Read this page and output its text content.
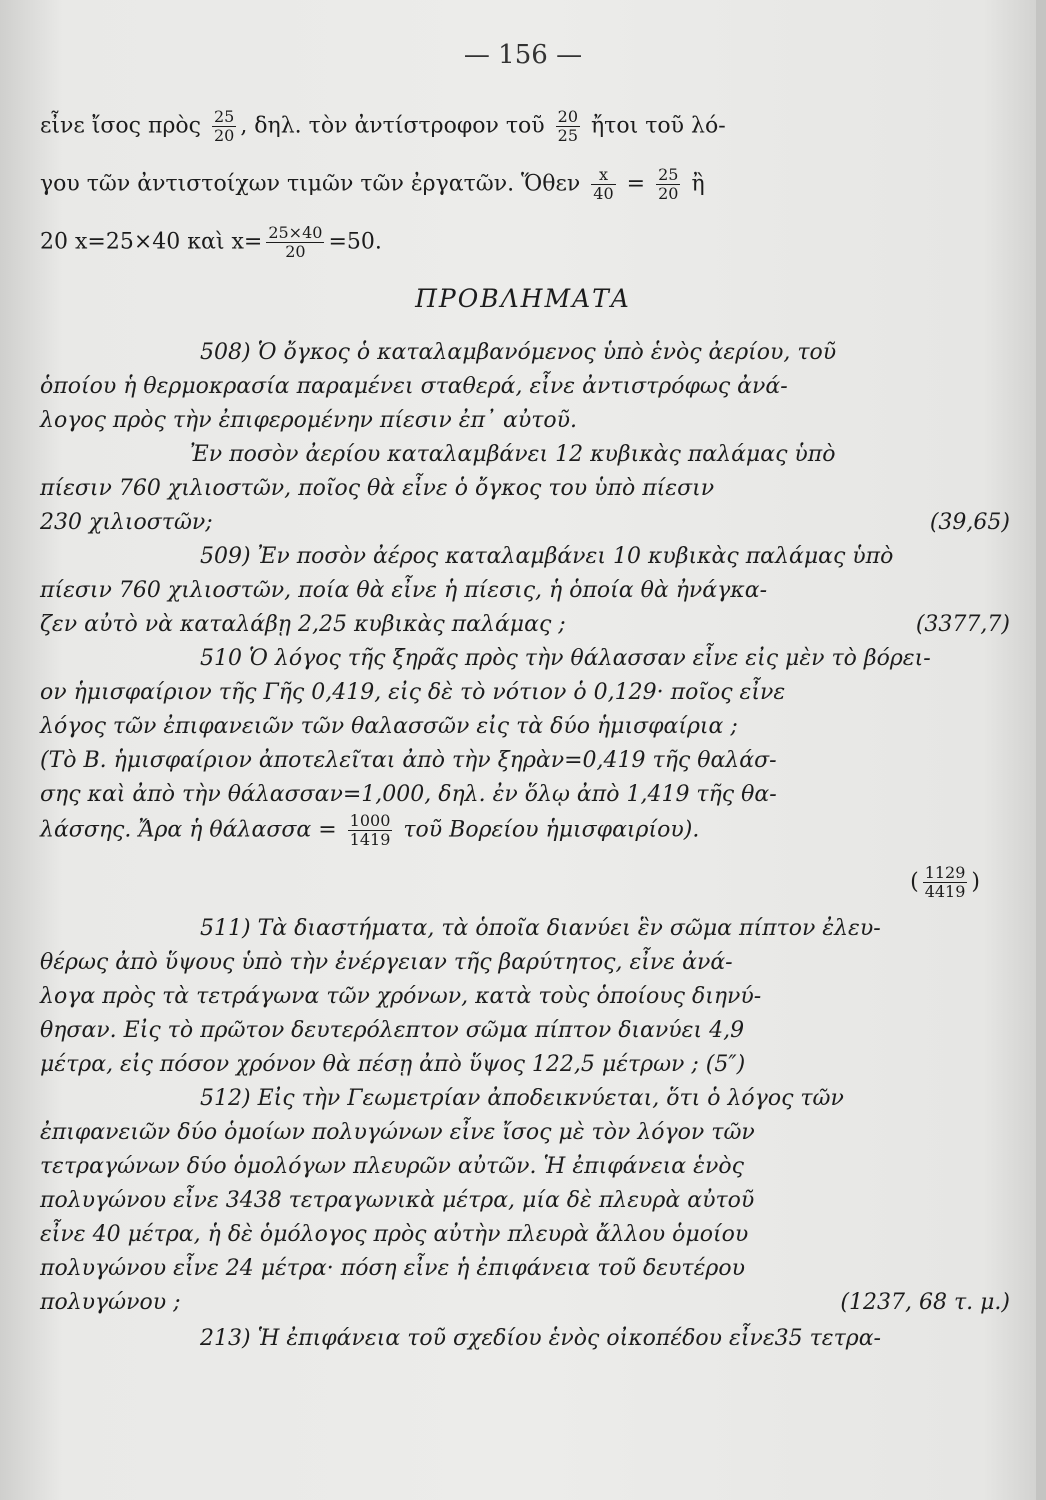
— 156 —
εἶνε ἴσος πρὸς $\frac{25}{20}$ , δηλ. τὸν ἀντίστροφον τοῦ $\frac{20}{25}$ ἤτοι τοῦ λό-
γου τῶν ἀντιστοίχων τιμῶν τῶν ἐργατῶν. Ὅθεν $\frac{x}{40} = \frac{25}{20}$ ἢ
20 x=25×40 καὶ $x= \frac{25\times 40}{20} =50$.
ΠΡΟΒΛΗΜΑΤΑ
508) Ὁ ὄγκος ὁ καταλαμβανόμενος ὑπὸ ἑνὸς ἀερίου, τοῦ
ὁποίου ἡ θερμοκρασία παραμένει σταθερά, εἶνε ἀντιστρόφως ἀνά-
λογος πρὸς τὴν ἐπιφερομένην πίεσιν ἐπ᾽ αὐτοῦ.
Ἐν ποσὸν ἀερίου καταλαμβάνει 12 κυβικὰς παλάμας ὑπὸ
πίεσιν 760 χιλιοστῶν, ποῖος θὰ εἶνε ὁ ὄγκος του ὑπὸ πίεσιν
230 χιλιοστῶν;	(39,65)
509) Ἐν ποσὸν ἀέρος καταλαμβάνει 10 κυβικὰς παλάμας ὑπὸ
πίεσιν 760 χιλιοστῶν, ποία θὰ εἶνε ἡ πίεσις, ἡ ὁποία θὰ ἠνάγκα-
ζεν αὐτὸ νὰ καταλάβῃ 2,25 κυβικὰς παλάμας ;	(3377,7)
510 Ὁ λόγος τῆς ξηρᾶς πρὸς τὴν θάλασσαν εἶνε εἰς μὲν τὸ βόρει-
ον ἡμισφαίριον τῆς Γῆς 0,419, εἰς δὲ τὸ νότιον ὁ 0,129· ποῖος εἶνε
λόγος τῶν ἐπιφανειῶν τῶν θαλασσῶν εἰς τὰ δύο ἡμισφαίρια ;
(Τὸ Β. ἡμισφαίριον ἀποτελεῖται ἀπὸ τὴν ξηρὰν=0,419 τῆς θαλάσ-
σης καὶ ἀπὸ τὴν θάλασσαν=1,000, δηλ. ἐν ὅλῳ ἀπὸ 1,419 τῆς θα-
λάσσης. Ἄρα ἡ $\theta ά\lambda\alpha\sigma\sigma\alpha = \frac{1000}{1419}$ τοῦ Βορείου ἡμισφαιρίου).
( $\frac{1129}{4419}$ )
511) Τὰ διαστήματα, τὰ ὁποῖα διανύει ἓν σῶμα πίπτον ἐλευ-
θέρως ἀπὸ ὕψους ὑπὸ τὴν ἐνέργειαν τῆς βαρύτητος, εἶνε ἀνά-
λογα πρὸς τὰ τετράγωνα τῶν χρόνων, κατὰ τοὺς ὁποίους διηνύ-
θησαν. Εἰς τὸ πρῶτον δευτερόλεπτον σῶμα πίπτον διανύει 4,9
μέτρα, εἰς πόσον χρόνον θὰ πέσῃ ἀπὸ ὕψος 122,5 μέτρων ; (5″)
512) Εἰς τὴν Γεωμετρίαν ἀποδεικνύεται, ὅτι ὁ λόγος τῶν
ἐπιφανειῶν δύο ὁμοίων πολυγώνων εἶνε ἴσος μὲ τὸν λόγον τῶν
τετραγώνων δύο ὁμολόγων πλευρῶν αὐτῶν. Ἡ ἐπιφάνεια ἑνὸς
πολυγώνου εἶνε 3438 τετραγωνικὰ μέτρα, μία δὲ πλευρὰ αὐτοῦ
εἶνε 40 μέτρα, ἡ δὲ ὁμόλογος πρὸς αὐτὴν πλευρὰ ἄλλου ὁμοίου
πολυγώνου εἶνε 24 μέτρα· πόση εἶνε ἡ ἐπιφάνεια τοῦ δευτέρου
πολυγώνου ;	(1237, 68 τ. μ.)
213) Ἡ ἐπιφάνεια τοῦ σχεδίου ἑνὸς οἰκοπέδου εἶνε35 τετρα-
